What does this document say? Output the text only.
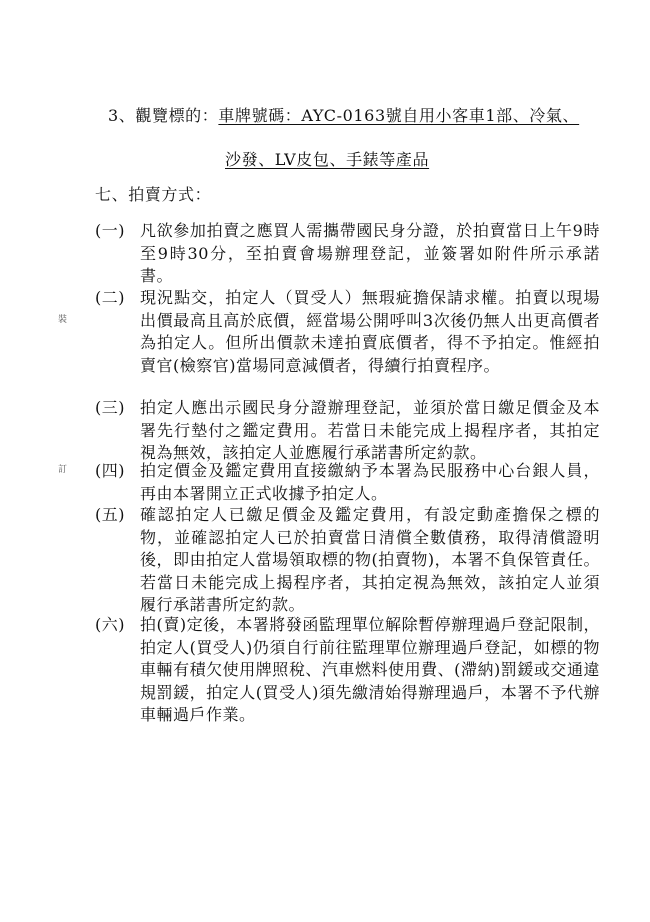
裝
訂
3、觀覽標的：車牌號碼：AYC-0163號自用小客車1部、冷氣、
沙發、LV皮包、手錶等產品
七、拍賣方式：
(一) 凡欲參加拍賣之應買人需攜帶國民身分證，於拍賣當日上午9時至9時30分，至拍賣會場辦理登記，並簽署如附件所示承諾書。
(二) 現況點交，拍定人（買受人）無瑕疵擔保請求權。拍賣以現場出價最高且高於底價，經當場公開呼叫3次後仍無人出更高價者為拍定人。但所出價款未達拍賣底價者，得不予拍定。惟經拍賣官(檢察官)當場同意減價者，得續行拍賣程序。
(三) 拍定人應出示國民身分證辦理登記，並須於當日繳足價金及本署先行墊付之鑑定費用。若當日未能完成上揭程序者，其拍定視為無效，該拍定人並應履行承諾書所定約款。
(四) 拍定價金及鑑定費用直接繳納予本署為民服務中心台銀人員，再由本署開立正式收據予拍定人。
(五) 確認拍定人已繳足價金及鑑定費用，有設定動產擔保之標的物，並確認拍定人已於拍賣當日清償全數債務，取得清償證明後，即由拍定人當場領取標的物(拍賣物)，本署不負保管責任。若當日未能完成上揭程序者，其拍定視為無效，該拍定人並須履行承諾書所定約款。
(六) 拍(賣)定後，本署將發函監理單位解除暫停辦理過戶登記限制，拍定人(買受人)仍須自行前往監理單位辦理過戶登記，如標的物車輛有積欠使用牌照稅、汽車燃料使用費、(滯納)罰鍰或交通違規罰鍰，拍定人(買受人)須先繳清始得辦理過戶，本署不予代辦車輛過戶作業。
